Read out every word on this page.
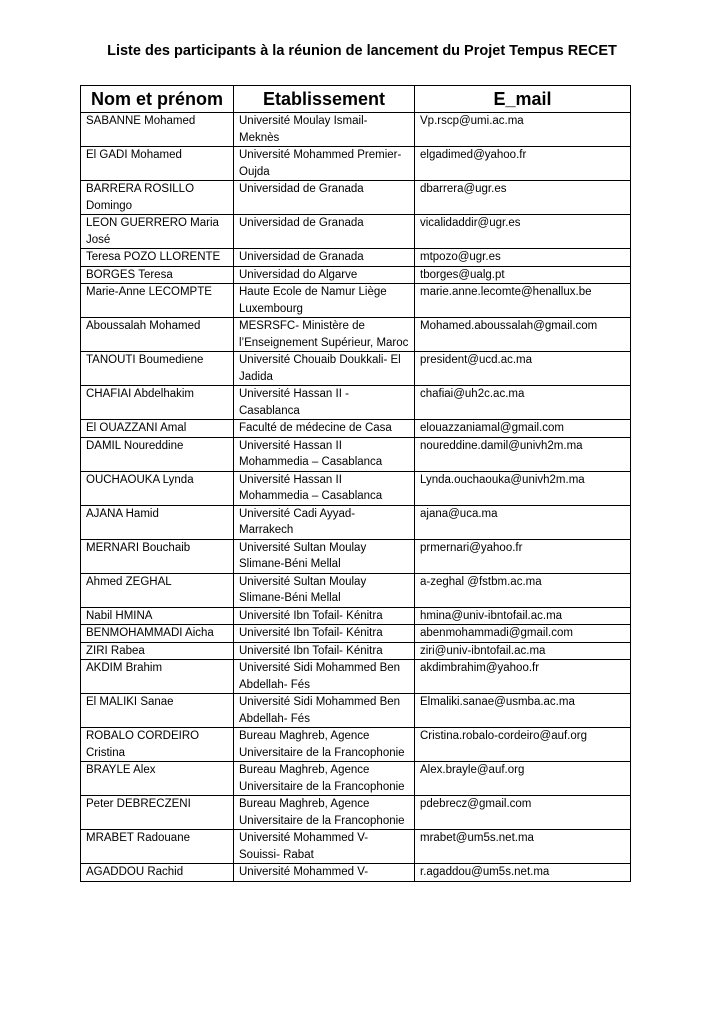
Liste des participants à la réunion de lancement du Projet Tempus RECET
Nom et prénom	Etablissement	E_mail
SABANNE Mohamed	Université Moulay Ismail- Meknès	Vp.rscp@umi.ac.ma
El GADI Mohamed	Université Mohammed Premier- Oujda	elgadimed@yahoo.fr
BARRERA ROSILLO Domingo	Universidad de Granada	dbarrera@ugr.es
LEON GUERRERO Maria José	Universidad de Granada	vicalidaddir@ugr.es
Teresa POZO LLORENTE	Universidad de Granada	mtpozo@ugr.es
BORGES Teresa	Universidad do Algarve	tborges@ualg.pt
Marie-Anne LECOMPTE	Haute Ecole de Namur Liège Luxembourg	marie.anne.lecomte@henallux.be
Aboussalah Mohamed	MESRSFC- Ministère de l’Enseignement Supérieur, Maroc	Mohamed.aboussalah@gmail.com
TANOUTI Boumediene	Université Chouaib Doukkali- El Jadida	president@ucd.ac.ma
CHAFIAI Abdelhakim	Université Hassan II - Casablanca	chafiai@uh2c.ac.ma
El OUAZZANI Amal	Faculté de médecine de Casa	elouazzaniamal@gmail.com
DAMIL Noureddine	Université Hassan II Mohammedia – Casablanca	noureddine.damil@univh2m.ma
OUCHAOUKA Lynda	Université Hassan II Mohammedia – Casablanca	Lynda.ouchaouka@univh2m.ma
AJANA Hamid	Université Cadi Ayyad- Marrakech	ajana@uca.ma
MERNARI Bouchaib	Université Sultan Moulay Slimane-Béni Mellal	prmernari@yahoo.fr
Ahmed ZEGHAL	Université Sultan Moulay Slimane-Béni Mellal	a-zeghal @fstbm.ac.ma
Nabil HMINA	Université Ibn Tofail- Kénitra	hmina@univ-ibntofail.ac.ma
BENMOHAMMADI Aicha	Université Ibn Tofail- Kénitra	abenmohammadi@gmail.com
ZIRI Rabea	Université Ibn Tofail- Kénitra	ziri@univ-ibntofail.ac.ma
AKDIM Brahim	Université Sidi Mohammed Ben Abdellah- Fés	akdimbrahim@yahoo.fr
El MALIKI Sanae	Université Sidi Mohammed Ben Abdellah- Fés	Elmaliki.sanae@usmba.ac.ma
ROBALO CORDEIRO Cristina	Bureau Maghreb, Agence Universitaire de la Francophonie	Cristina.robalo-cordeiro@auf.org
BRAYLE Alex	Bureau Maghreb, Agence Universitaire de la Francophonie	Alex.brayle@auf.org
Peter DEBRECZENI	Bureau Maghreb, Agence Universitaire de la Francophonie	pdebrecz@gmail.com
MRABET Radouane	Université Mohammed V- Souissi- Rabat	mrabet@um5s.net.ma
AGADDOU Rachid	Université Mohammed V-	r.agaddou@um5s.net.ma
